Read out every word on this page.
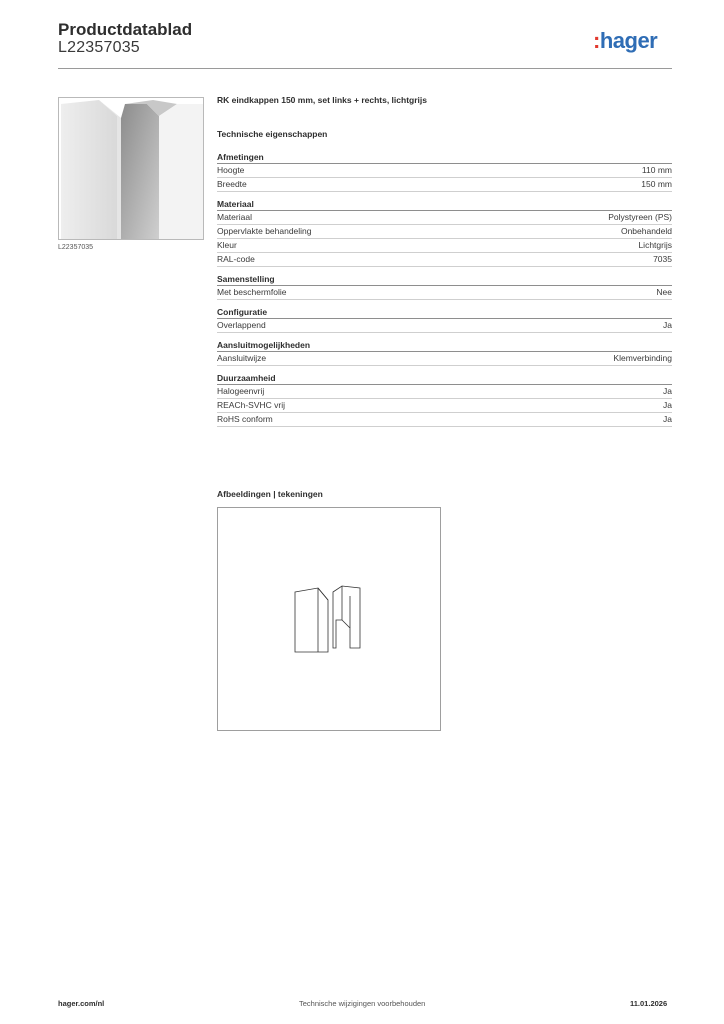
Productdatablad
L22357035	:hager
L22357035
RK eindkappen 150 mm, set links + rechts, lichtgrijs
Technische eigenschappen
Afmetingen
Hoogte	110 mm
Breedte	150 mm
Materiaal
Materiaal	Polystyreen (PS)
Oppervlakte behandeling	Onbehandeld
Kleur	Lichtgrijs
RAL-code	7035
Samenstelling
Met beschermfolie	Nee
Configuratie
Overlappend	Ja
Aansluitmogelijkheden
Aansluitwijze	Klemverbinding
Duurzaamheid
Halogeenvrij	Ja
REACh-SVHC vrij	Ja
RoHS conform	Ja
Afbeeldingen | tekeningen
hager.com/nl	Technische wijzigingen voorbehouden	11.01.2026
